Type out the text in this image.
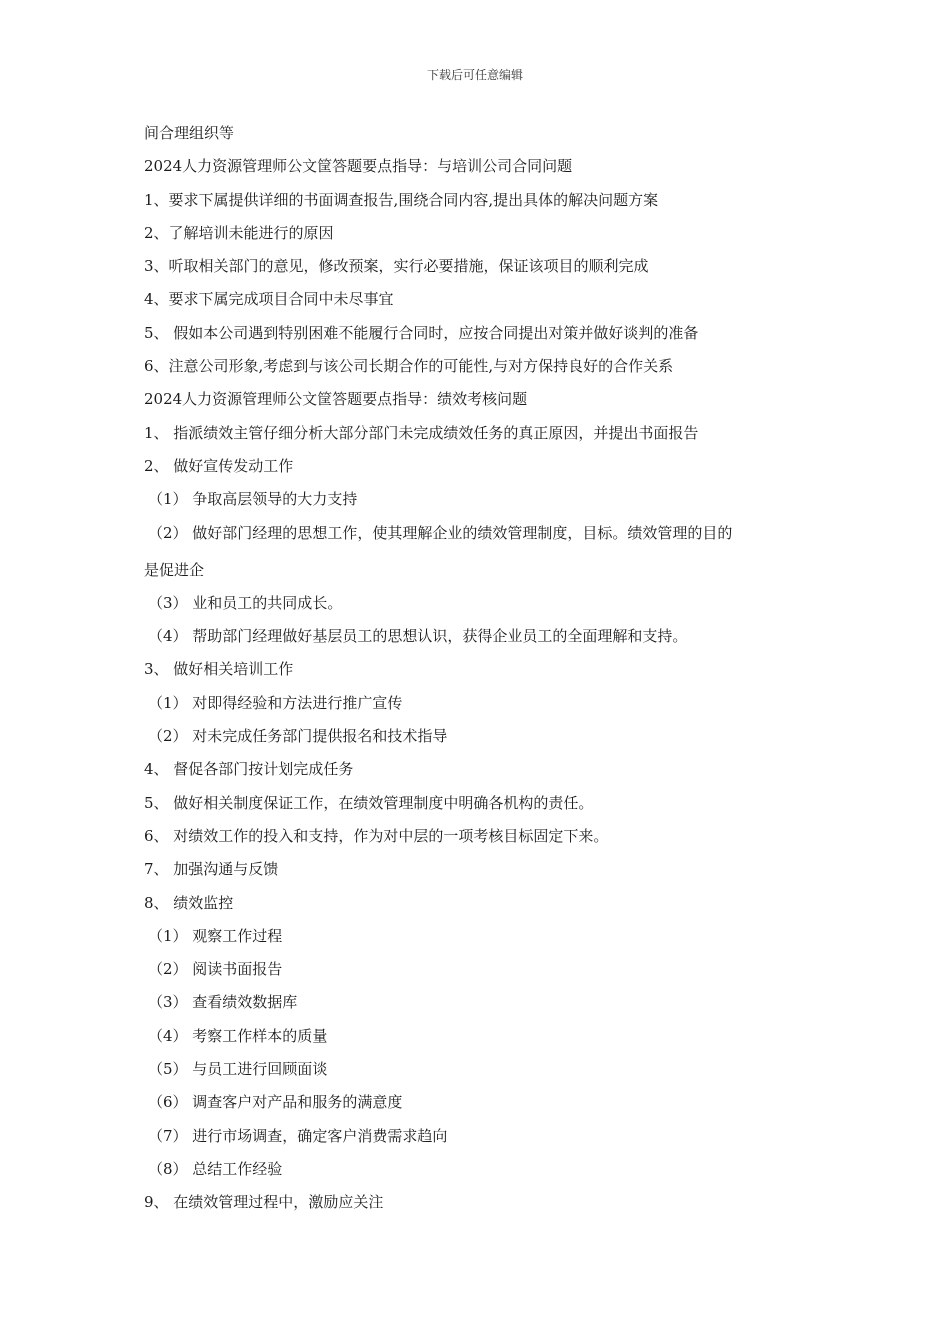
下载后可任意编辑
间合理组织等
2024人力资源管理师公文筐答题要点指导：与培训公司合同问题
1、要求下属提供详细的书面调查报告,围绕合同内容,提出具体的解决问题方案
2、了解培训未能进行的原因
3、听取相关部门的意见，修改预案，实行必要措施，保证该项目的顺利完成
4、要求下属完成项目合同中未尽事宜
5、 假如本公司遇到特别困难不能履行合同时，应按合同提出对策并做好谈判的准备
6、注意公司形象,考虑到与该公司长期合作的可能性,与对方保持良好的合作关系
2024人力资源管理师公文筐答题要点指导：绩效考核问题
1、 指派绩效主管仔细分析大部分部门未完成绩效任务的真正原因，并提出书面报告
2、 做好宣传发动工作
（1） 争取高层领导的大力支持
（2） 做好部门经理的思想工作，使其理解企业的绩效管理制度，目标。绩效管理的目的
是促进企
（3） 业和员工的共同成长。
（4） 帮助部门经理做好基层员工的思想认识，获得企业员工的全面理解和支持。
3、 做好相关培训工作
（1） 对即得经验和方法进行推广宣传
（2） 对未完成任务部门提供报名和技术指导
4、 督促各部门按计划完成任务
5、 做好相关制度保证工作，在绩效管理制度中明确各机构的责任。
6、 对绩效工作的投入和支持，作为对中层的一项考核目标固定下来。
7、 加强沟通与反馈
8、 绩效监控
（1） 观察工作过程
（2） 阅读书面报告
（3） 查看绩效数据库
（4） 考察工作样本的质量
（5） 与员工进行回顾面谈
（6） 调查客户对产品和服务的满意度
（7） 进行市场调查，确定客户消费需求趋向
（8） 总结工作经验
9、 在绩效管理过程中，激励应关注
